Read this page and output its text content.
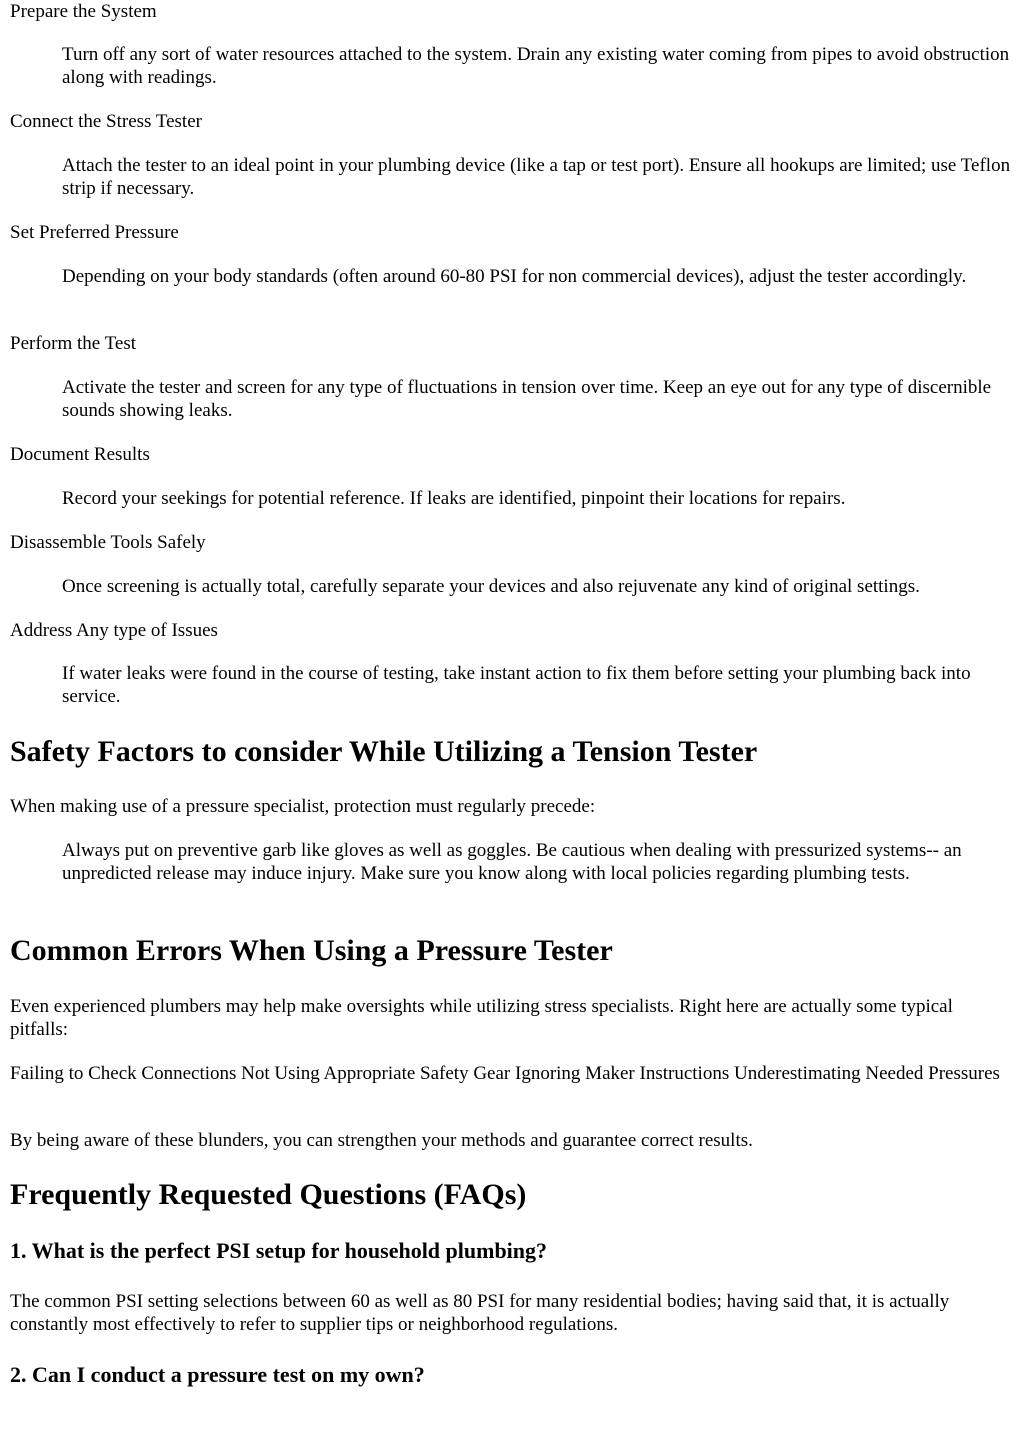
Prepare the System

Turn off any sort of water resources attached to the system. Drain any existing water coming from pipes to avoid obstruction along with readings.

Connect the Stress Tester

Attach the tester to an ideal point in your plumbing device (like a tap or test port). Ensure all hookups are limited; use Teflon strip if necessary.

Set Preferred Pressure

Depending on your body standards (often around 60-80 PSI for non commercial devices), adjust the tester accordingly.

Perform the Test

Activate the tester and screen for any type of fluctuations in tension over time. Keep an eye out for any type of discernible sounds showing leaks.

Document Results

Record your seekings for potential reference. If leaks are identified, pinpoint their locations for repairs.

Disassemble Tools Safely

Once screening is actually total, carefully separate your devices and also rejuvenate any kind of original settings.

Address Any type of Issues

If water leaks were found in the course of testing, take instant action to fix them before setting your plumbing back into service.

Safety Factors to consider While Utilizing a Tension Tester

When making use of a pressure specialist, protection must regularly precede:

Always put on preventive garb like gloves as well as goggles. Be cautious when dealing with pressurized systems-- an unpredicted release may induce injury. Make sure you know along with local policies regarding plumbing tests.

Common Errors When Using a Pressure Tester

Even experienced plumbers may help make oversights while utilizing stress specialists. Right here are actually some typical pitfalls:

Failing to Check Connections Not Using Appropriate Safety Gear Ignoring Maker Instructions Underestimating Needed Pressures

By being aware of these blunders, you can strengthen your methods and guarantee correct results.

Frequently Requested Questions (FAQs)
1. What is the perfect PSI setup for household plumbing?

The common PSI setting selections between 60 as well as 80 PSI for many residential bodies; having said that, it is actually constantly most effectively to refer to supplier tips or neighborhood regulations.

2. Can I conduct a pressure test on my own?
